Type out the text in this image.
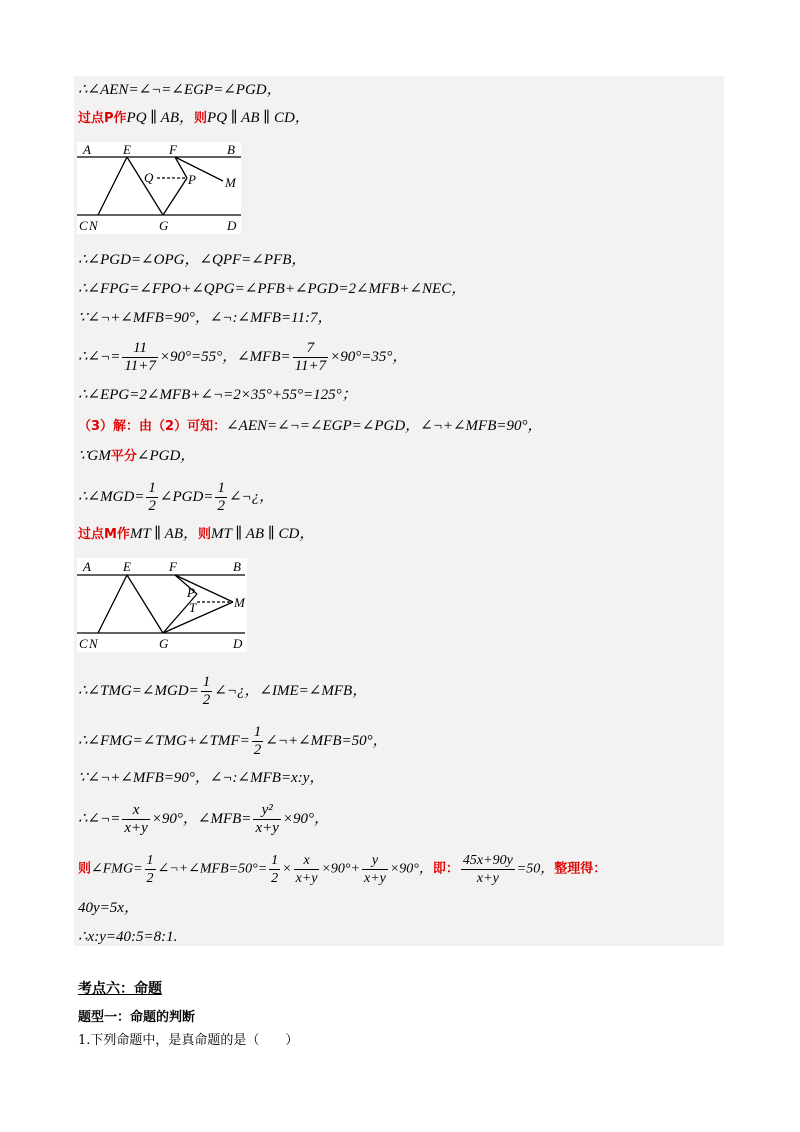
∴∠AEN=∠¬=∠EGP=∠PGD，
过点P作PQ ∥ AB，则PQ ∥ AB ∥ CD，
A E	F	B
Q	P M
C N	G	D
∴∠PGD=∠OPG，∠QPF=∠PFB，
∴∠FPG=∠FPO+∠QPG=∠PFB+∠PGD=2∠MFB+∠NEC，
∵∠¬+∠MFB=90°，∠¬:∠MFB=11:7，
∴∠¬= $\frac{11}{11+7} \times 90^\circ=55^\circ$，∠MFB= $\frac{7}{11+7} \times 90^\circ=35^\circ$，
∴∠EPG=2∠MFB+∠¬=2×35°+55°=125°；
（3）解：由（2）可知：∠AEN=∠¬=∠EGP=∠PGD，∠¬+∠MFB=90°，
∵GM平分∠PGD，
∴∠MGD= $\frac{1}{2}$ ∠PGD= $\frac{1}{2}$ ∠¬¿，
过点M作MT ∥ AB，则MT ∥ AB ∥ CD，
A E	F	B
P
T	M
C N	G	D
∴∠TMG=∠MGD= $\frac{1}{2}$ ∠¬¿，∠IME=∠MFB，
∴∠FMG=∠TMG+∠TMF= $\frac{1}{2}$ ∠¬+∠MFB=50°，
∵∠¬+∠MFB=90°，∠¬:∠MFB=x:y，
∴∠¬= $\frac{x}{x+y} \times 90^\circ$，∠MFB= $\frac{\text{y²}}{x+y} \times 90^\circ$，
则∠FMG= $\frac{1}{2}$ ∠¬+∠MFB=50°= $\frac{1}{2} \times \frac{x}{x+y} \times 90^\circ+ \frac{y}{x+y} \times 90^\circ$，即： $\frac{45x+90y}{x+y} =50$，整理得：
40y=5x，
∴x:y=40:5=8:1.
考点六：命题
题型一：命题的判断
1.下列命题中，是真命题的是（　　）
